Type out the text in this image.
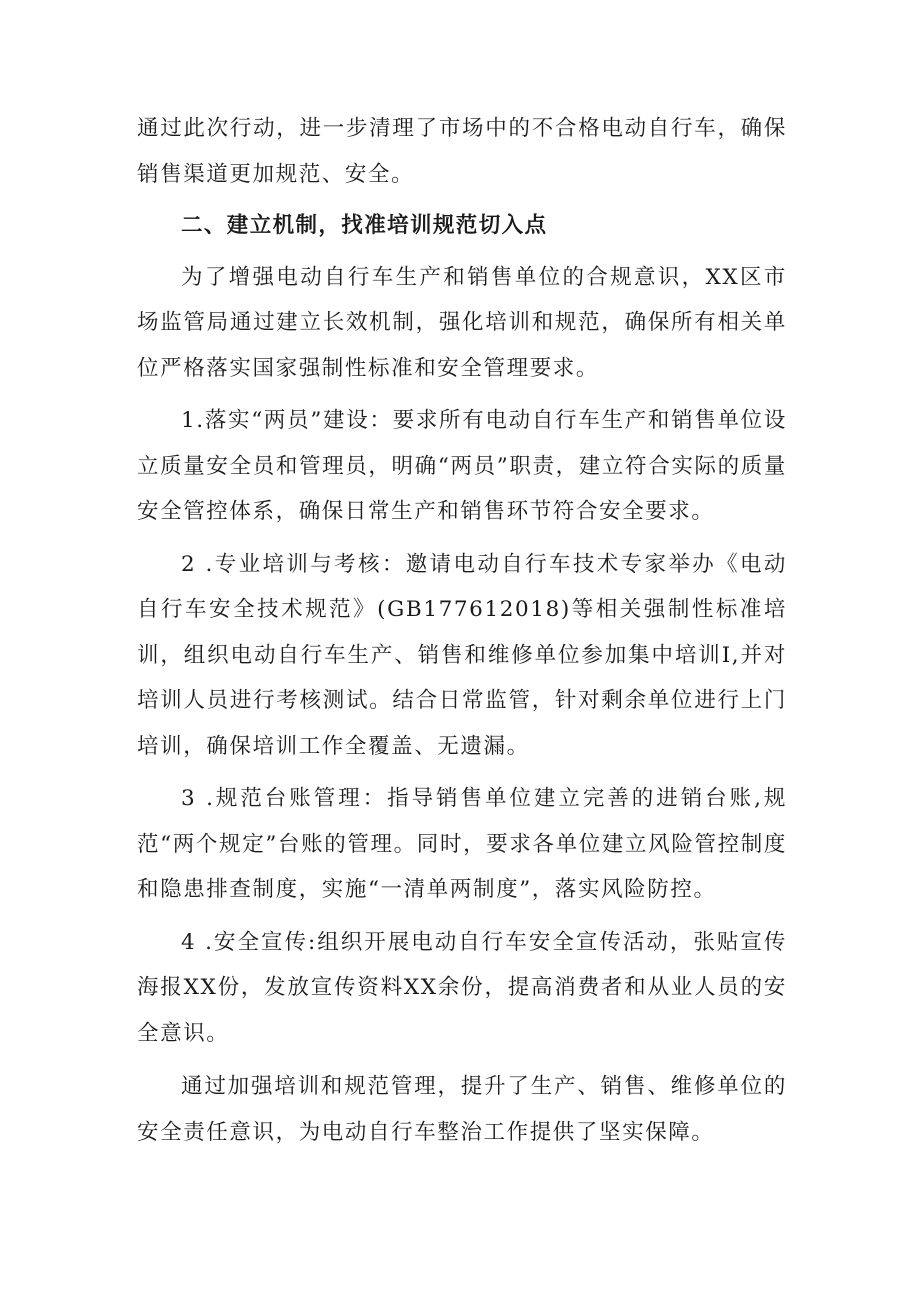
通过此次行动，进一步清理了市场中的不合格电动自行车，确保销售渠道更加规范、安全。

二、建立机制，找准培训规范切入点

为了增强电动自行车生产和销售单位的合规意识，XX区市场监管局通过建立长效机制，强化培训和规范，确保所有相关单位严格落实国家强制性标准和安全管理要求。

1.落实“两员”建设：要求所有电动自行车生产和销售单位设立质量安全员和管理员，明确“两员”职责，建立符合实际的质量安全管控体系，确保日常生产和销售环节符合安全要求。

2 .专业培训与考核：邀请电动自行车技术专家举办《电动自行车安全技术规范》(GB177612018)等相关强制性标准培训，组织电动自行车生产、销售和维修单位参加集中培训I,并对培训人员进行考核测试。结合日常监管，针对剩余单位进行上门培训，确保培训工作全覆盖、无遗漏。

3 .规范台账管理：指导销售单位建立完善的进销台账,规范“两个规定”台账的管理。同时，要求各单位建立风险管控制度和隐患排查制度，实施“一清单两制度”，落实风险防控。

4 .安全宣传:组织开展电动自行车安全宣传活动，张贴宣传海报XX份，发放宣传资料XX余份，提高消费者和从业人员的安全意识。

通过加强培训和规范管理，提升了生产、销售、维修单位的安全责任意识，为电动自行车整治工作提供了坚实保障。
